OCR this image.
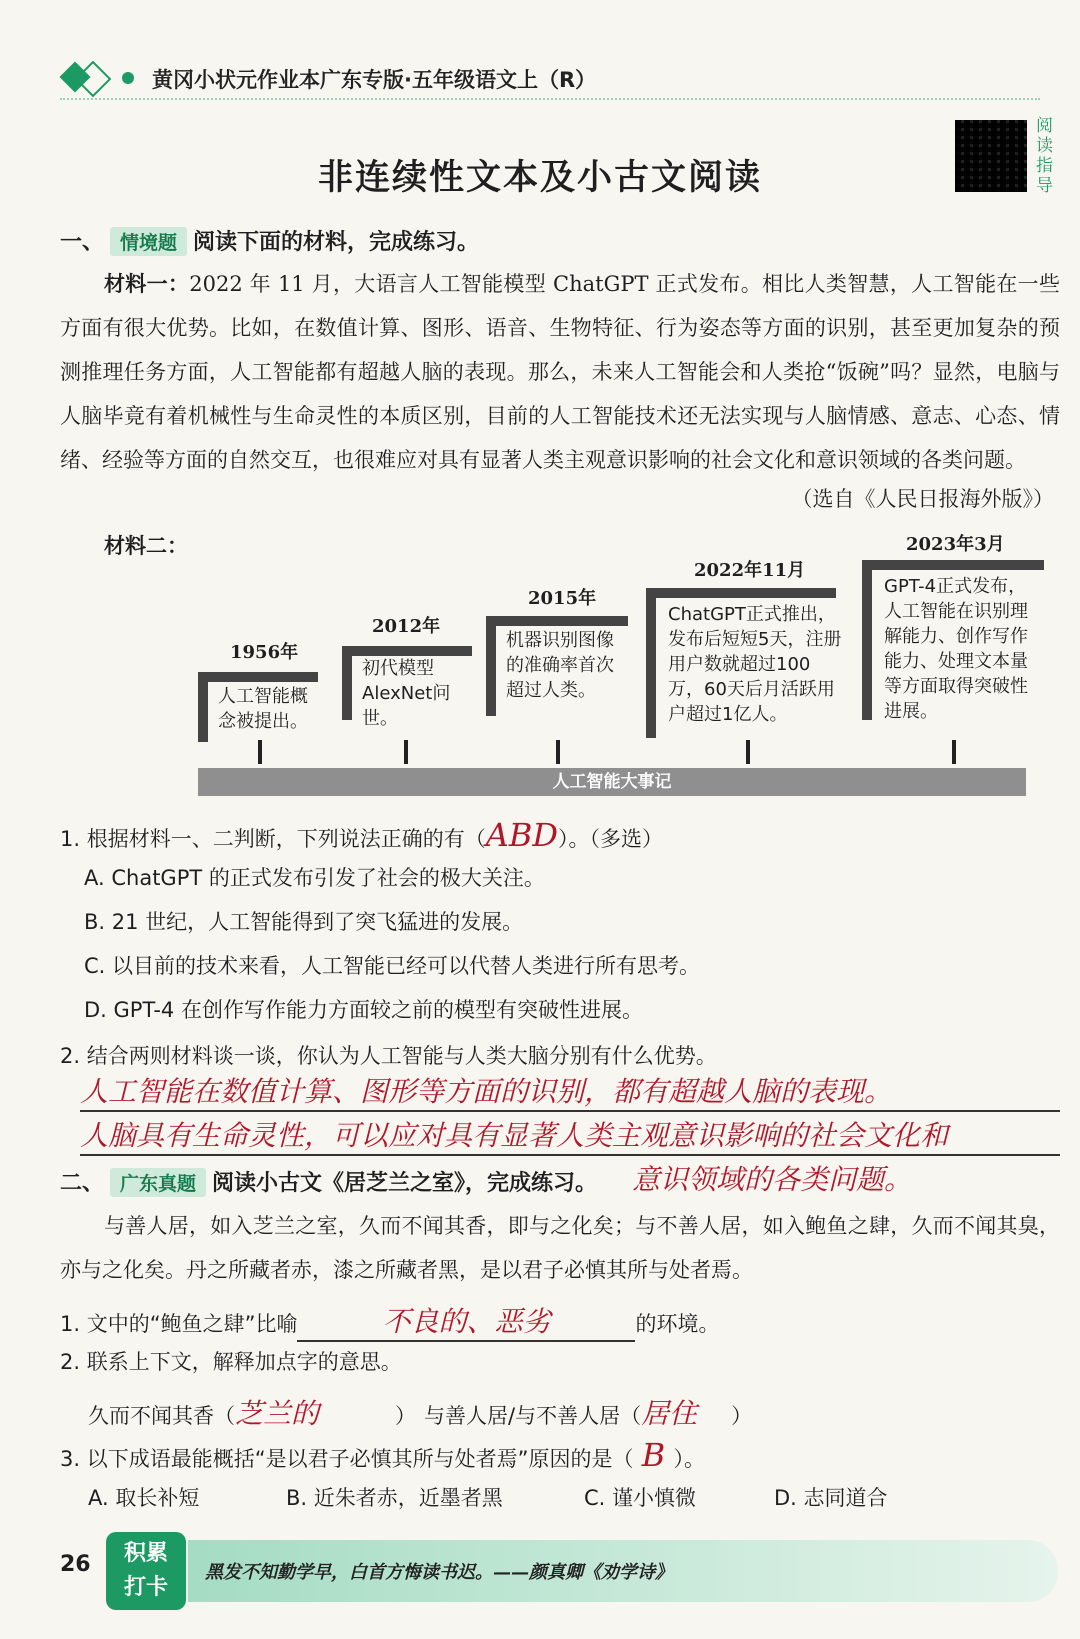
黄冈小状元作业本广东专版·五年级语文上（R）
阅读指导
非连续性文本及小古文阅读
一、 情境题 阅读下面的材料，完成练习。
材料一：2022 年 11 月，大语言人工智能模型 ChatGPT 正式发布。相比人类智慧，人工智能在一些方面有很大优势。比如，在数值计算、图形、语音、生物特征、行为姿态等方面的识别，甚至更加复杂的预测推理任务方面，人工智能都有超越人脑的表现。那么，未来人工智能会和人类抢“饭碗”吗？显然，电脑与人脑毕竟有着机械性与生命灵性的本质区别，目前的人工智能技术还无法实现与人脑情感、意志、心态、情绪、经验等方面的自然交互，也很难应对具有显著人类主观意识影响的社会文化和意识领域的各类问题。
（选自《人民日报海外版》）
材料二：
1956年
人工智能概念被提出。
2012年
初代模型AlexNet问世。
2015年
机器识别图像的准确率首次超过人类。
2022年11月
ChatGPT正式推出，发布后短短5天，注册用户数就超过100万，60天后月活跃用户超过1亿人。
2023年3月
GPT-4正式发布，人工智能在识别理解能力、创作写作能力、处理文本量等方面取得突破性进展。
人工智能大事记
1. 根据材料一、二判断，下列说法正确的有（ABD）。（多选）
A. ChatGPT 的正式发布引发了社会的极大关注。
B. 21 世纪，人工智能得到了突飞猛进的发展。
C. 以目前的技术来看，人工智能已经可以代替人类进行所有思考。
D. GPT-4 在创作写作能力方面较之前的模型有突破性进展。
2. 结合两则材料谈一谈，你认为人工智能与人类大脑分别有什么优势。
人工智能在数值计算、图形等方面的识别，都有超越人脑的表现。
人脑具有生命灵性，可以应对具有显著人类主观意识影响的社会文化和
二、 广东真题 阅读小古文《居芝兰之室》，完成练习。 意识领域的各类问题。
与善人居，如入芝兰之室，久而不闻其香，即与之化矣；与不善人居，如入鲍鱼之肆，久而不闻其臭，亦与之化矣。丹之所藏者赤，漆之所藏者黑，是以君子必慎其所与处者焉。
1. 文中的“鲍鱼之肆”比喻	不良的、恶劣	的环境。
2. 联系上下文，解释加点字的意思。
久而不闻其香（芝兰的	） 与善人居/与不善人居（居住 ）
3. 以下成语最能概括“是以君子必慎其所与处者焉”原因的是（ B ）。
A. 取长补短	B. 近朱者赤，近墨者黑	C. 谨小慎微	D. 志同道合
26	积累
打卡
黑发不知勤学早，白首方悔读书迟。——颜真卿《劝学诗》
